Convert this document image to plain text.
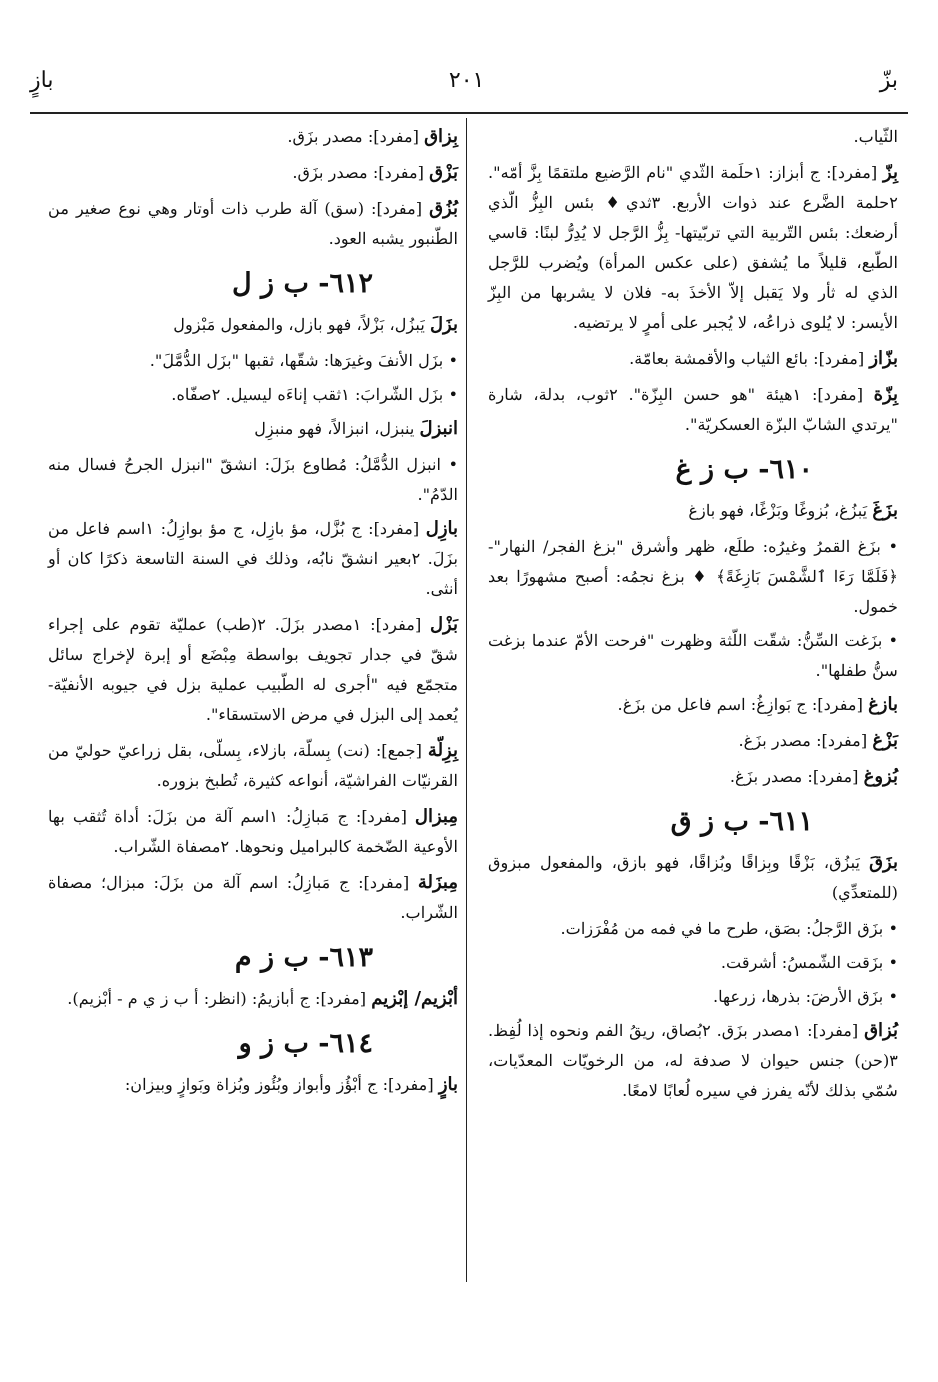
بزّ
٢٠١
بازٍ

الثّياب.

بِزّ [مفرد]: ج أبزاز: ١حلَمة الثّدي "نام الرَّضيع ملتقمًا بِزَّ أمّه". ٢حلمة الضَّرع عند ذوات الأربع. ٣ثدي♦ بئس البِزُّ الّذي أرضعك: بئس التّربية التي تربّيتها- بِزُّ الرَّجل لا يُدِرُّ لبنًا: قاسي الطّبع، قليلاً ما يُشفق (على عكس المرأة) ويُضرب للرَّجل الذي له ثأر ولا يَقبل إلاّ الأخذَ به- فلان لا يشربها من البِزّ الأيسر: لا يُلوى ذراعُه، لا يُجبر على أمرٍ لا يرتضيه.

بزّاز [مفرد]: بائع الثياب والأقمشة بعامّة.

بِزّة [مفرد]: ١هيئة "هو حسن البِزّة". ٢ثوب، بدلة، شارة "يرتدي الشابّ البزّة العسكريّة".

٦١٠- ب ز غ

بزَغَ يَبزُغ، بُزوغًا وبَزْغًا، فهو بازغ

• بزَغ القمرُ وغيرُه: طلَع، ظهر وأشرق "بزغ الفجر/ النهار"- ﴿فَلَمَّا رَءَا ٱلشَّمْسَ بَازِغَةً﴾ ♦ بزغ نجمُه: أصبح مشهورًا بعد خمول.

• بزَغت السِّنُّ: شقّت اللّثة وظهرت "فرحت الأمّ عندما بزغت سنُّ طفلها".

بازغ [مفرد]: ج بَوازِغُ: اسم فاعل من بزَغ.

بَزْغ [مفرد]: مصدر بزَغ.

بُزوغ [مفرد]: مصدر بزَغ.

٦١١- ب ز ق

بزَقَ يَبزُق، بَزْقًا وبِزاقًا وبُزاقًا، فهو بازق، والمفعول مبزوق (للمتعدِّي)

• بزَق الرَّجلُ: بصَق، طرح ما في فمه من مُفْرَزات.

• بزَقت الشّمسُ: أشرقت.

• بزَق الأرضَ: بذرها، زرعها.

بُزاق [مفرد]: ١مصدر بزَق. ٢بُصاق، ريقُ الفم ونحوه إذا لُفِظ. ٣(حن) جنس حيوان لا صدفة له، من الرخويّات المعدّيات، سُمّي بذلك لأنّه يفرز في سيره لُعابًا لامعًا.

بِزاق [مفرد]: مصدر بزَق.

بَزْق [مفرد]: مصدر بزَق.

بُزُق [مفرد]: (سق) آلة طرب ذات أوتار وهي نوع صغير من الطّنبور يشبه العود.

٦١٢- ب ز ل

بزَلَ يَبزُل، بَزْلاً، فهو بازل، والمفعول مَبْزول

• بزَل الأنفَ وغيرَها: شقّها، ثقبها "بزَل الدُّمَّلَ".

• بزَل الشّرابَ: ١ثقب إناءَه ليسيل. ٢صفّاه.

انبزلَ ينبزل، انبزالاً، فهو منبزِل

• انبزل الدُّمَّلُ: مُطاوع بزَلَ: انشقّ "انبزل الجرحُ فسال منه الدّمُ".

بازِل [مفرد]: ج بُزَّل، مؤ بازِل، ج مؤ بوازِلُ: ١اسم فاعل من بزَلَ. ٢بعير انشقّ نابُه، وذلك في السنة التاسعة ذكرًا كان أو أنثى.

بَزْل [مفرد]: ١مصدر بزَلَ. ٢(طب) عمليّة تقوم على إجراء شقّ في جدار تجويف بواسطة مِبْضَع أو إبرة لإخراج سائل متجمّع فيه "أجرى له الطّبيب عملية بزل في جيوبه الأنفيّة- يُعمد إلى البزل في مرض الاستسقاء".

بِزِلّة [جمع]: (نت) بِسلّة، بازلاء، بِسلّى، بقل زراعيّ حوليّ من القرنيّات الفراشيّة، أنواعه كثيرة، تُطبخ بزوره.

مِبزال [مفرد]: ج مَبازِلُ: ١اسم آلة من بزَلَ: أداة تُثقب بها الأوعية الضّخمة كالبراميل ونحوها. ٢مصفاة الشّراب.

مِبزَلة [مفرد]: ج مَبازِلُ: اسم آلة من بزَلَ: مبزال؛ مصفاة الشّراب.

٦١٣- ب ز م

أبْزيم/ إبْزيم [مفرد]: ج أبازيمُ: (انظر: أ ب ز ي م - أبْزيم).

٦١٤- ب ز و

بازٍ [مفرد]: ج أبْؤُز وأبواز وبُئُوز وبُزاة وبَوازٍ وبيزان:
